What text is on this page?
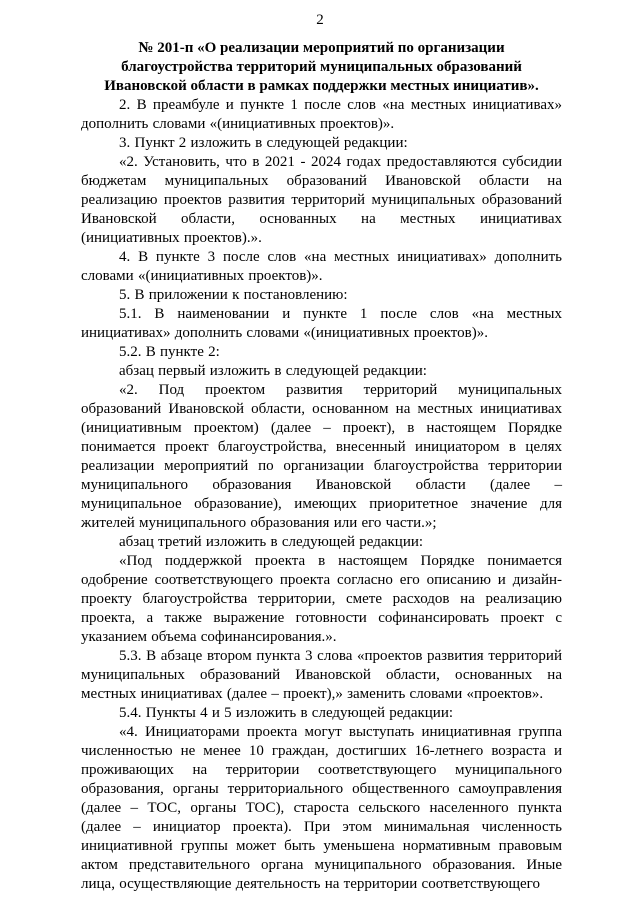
2
№ 201-п «О реализации мероприятий по организации
благоустройства территорий муниципальных образований
Ивановской области в рамках поддержки местных инициатив».

2. В преамбуле и пункте 1 после слов «на местных инициативах» дополнить словами «(инициативных проектов)».

3. Пункт 2 изложить в следующей редакции:

«2. Установить, что в 2021 - 2024 годах предоставляются субсидии бюджетам муниципальных образований Ивановской области на реализацию проектов развития территорий муниципальных образований Ивановской области, основанных на местных инициативах (инициативных проектов).».

4. В пункте 3 после слов «на местных инициативах» дополнить словами «(инициативных проектов)».

5. В приложении к постановлению:

5.1. В наименовании и пункте 1 после слов «на местных инициативах» дополнить словами «(инициативных проектов)».

5.2. В пункте 2:

абзац первый изложить в следующей редакции:

«2. Под проектом развития территорий муниципальных образований Ивановской области, основанном на местных инициативах (инициативным проектом) (далее – проект), в настоящем Порядке понимается проект благоустройства, внесенный инициатором в целях реализации мероприятий по организации благоустройства территории муниципального образования Ивановской области (далее – муниципальное образование), имеющих приоритетное значение для жителей муниципального образования или его части.»;

абзац третий изложить в следующей редакции:

«Под поддержкой проекта в настоящем Порядке понимается одобрение соответствующего проекта согласно его описанию и дизайн-проекту благоустройства территории, смете расходов на реализацию проекта, а также выражение готовности софинансировать проект с указанием объема софинансирования.».

5.3. В абзаце втором пункта 3 слова «проектов развития территорий муниципальных образований Ивановской области, основанных на местных инициативах (далее – проект),» заменить словами «проектов».

5.4. Пункты 4 и 5 изложить в следующей редакции:

«4. Инициаторами проекта могут выступать инициативная группа численностью не менее 10 граждан, достигших 16-летнего возраста и проживающих на территории соответствующего муниципального образования, органы территориального общественного самоуправления (далее – ТОС, органы ТОС), староста сельского населенного пункта (далее – инициатор проекта). При этом минимальная численность инициативной группы может быть уменьшена нормативным правовым актом представительного органа муниципального образования. Иные лица, осуществляющие деятельность на территории соответствующего
